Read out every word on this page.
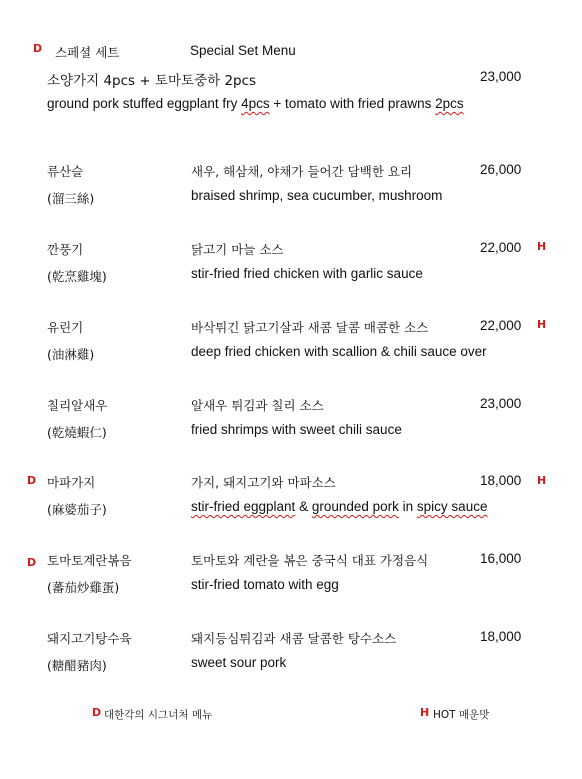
D 스페셜 세트	Special Set Menu
소양가지 4pcs + 토마토중하 2pcs	23,000
ground pork stuffed eggplant fry 4pcs + tomato with fried prawns 2pcs
류산슬	새우, 해삼채, 야채가 들어간 담백한 요리	26,000
(溜三絲)	braised shrimp, sea cucumber, mushroom
깐풍기	닭고기 마늘 소스	22,000 H
(乾烹雞塊)	stir-fried fried chicken with garlic sauce
유린기	바삭튀긴 닭고기살과 새콤 달콤 매콤한 소스	22,000 H
(油淋雞)	deep fried chicken with scallion & chili sauce over
칠리알새우	알새우 튀김과 칠리 소스	23,000
(乾燒蝦仁)	fried shrimps with sweet chili sauce
D 마파가지	가지, 돼지고기와 마파소스	18,000 H
(麻婆茄子)	stir-fried eggplant & grounded pork in spicy sauce
D 토마토계란볶음	토마토와 계란을 볶은 중국식 대표 가정음식	16,000
(蕃茄炒雞蛋)	stir-fried tomato with egg
돼지고기탕수육	돼지등심튀김과 새콤 달콤한 탕수소스	18,000
(糖醋豬肉)	sweet sour pork
D 대한각의 시그너처 메뉴	H HOT 매운맛
